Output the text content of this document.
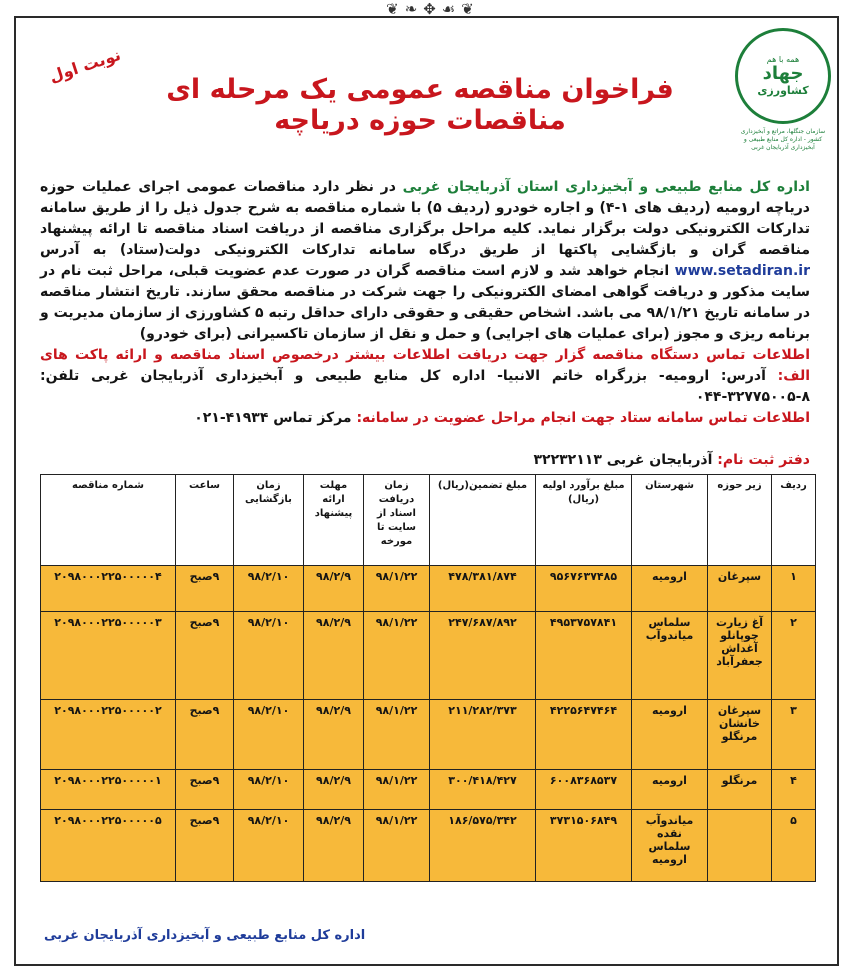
❦ ❧ ✥ ☙ ❦
همه با هم
جهاد
کشاورزی
سازمان جنگلها، مراتع و آبخیزداری کشور - اداره کل منابع طبیعی و آبخیزداری آذربایجان غربی
نوبت اول
فراخوان مناقصه عمومی یک مرحله ای مناقصات حوزه دریاچه
اداره کل منابع طبیعی و آبخیزداری استان آذربایجان غربی در نظر دارد مناقصات عمومی اجرای عملیات حوزه دریاچه ارومیه (ردیف های ۱-۴) و اجاره خودرو (ردیف ۵) با شماره مناقصه به شرح جدول ذیل را از طریق سامانه تدارکات الکترونیکی دولت برگزار نماید. کلیه مراحل برگزاری مناقصه از دریافت اسناد مناقصه تا ارائه پیشنهاد مناقصه گران و بازگشایی پاکتها از طریق درگاه سامانه تدارکات الکترونیکی دولت(ستاد) به آدرس www.setadiran.ir انجام خواهد شد و لازم است مناقصه گران در صورت عدم عضویت قبلی، مراحل ثبت نام در سایت مذکور و دریافت گواهی امضای الکترونیکی را جهت شرکت در مناقصه محقق سازند. تاریخ انتشار مناقصه در سامانه تاریخ ۹۸/۱/۲۱ می باشد. اشخاص حقیقی و حقوقی دارای حداقل رتبه ۵ کشاورزی از سازمان مدیریت و برنامه ریزی و مجوز (برای عملیات های اجرایی) و حمل و نقل از سازمان تاکسیرانی (برای خودرو)
اطلاعات تماس دستگاه مناقصه گزار جهت دریافت اطلاعات بیشتر درخصوص اسناد مناقصه و ارائه پاکت های الف: آدرس: ارومیه- بزرگراه خاتم الانبیا- اداره کل منابع طبیعی و آبخیزداری آذربایجان غربی تلفن: ۸-۳۲۷۷۵۰۰۵-۰۴۴
اطلاعات تماس سامانه ستاد جهت انجام مراحل عضویت در سامانه: مرکز تماس ۴۱۹۳۴-۰۲۱
دفتر ثبت نام: آذربایجان غربی ۳۲۲۳۲۱۱۳
ردیف	زیر حوزه	شهرستان	مبلغ برآورد اولیه (ریال)	مبلغ تضمین(ریال)	زمان دریافت اسناد از سایت تا مورخه	مهلت ارائه پیشنهاد	زمان بازگشایی	ساعت	شماره مناقصه
۱	سپرغان	ارومیه	۹۵۶۷۶۳۷۴۸۵	۴۷۸/۳۸۱/۸۷۴	۹۸/۱/۲۲	۹۸/۲/۹	۹۸/۲/۱۰	۹صبح	۲۰۹۸۰۰۰۲۲۵۰۰۰۰۰۴
۲	آغ زیارت چوپانلو آغداش جعفرآباد	سلماس میاندوآب	۴۹۵۳۷۵۷۸۴۱	۲۴۷/۶۸۷/۸۹۲	۹۸/۱/۲۲	۹۸/۲/۹	۹۸/۲/۱۰	۹صبح	۲۰۹۸۰۰۰۲۲۵۰۰۰۰۰۳
۳	سپرغان خانشان مرنگلو	ارومیه	۴۲۲۵۶۴۷۴۶۴	۲۱۱/۲۸۲/۳۷۳	۹۸/۱/۲۲	۹۸/۲/۹	۹۸/۲/۱۰	۹صبح	۲۰۹۸۰۰۰۲۲۵۰۰۰۰۰۲
۴	مرنگلو	ارومیه	۶۰۰۸۳۶۸۵۳۷	۳۰۰/۴۱۸/۴۲۷	۹۸/۱/۲۲	۹۸/۲/۹	۹۸/۲/۱۰	۹صبح	۲۰۹۸۰۰۰۲۲۵۰۰۰۰۰۱
۵		میاندوآب نقده سلماس ارومیه	۳۷۳۱۵۰۶۸۴۹	۱۸۶/۵۷۵/۳۴۲	۹۸/۱/۲۲	۹۸/۲/۹	۹۸/۲/۱۰	۹صبح	۲۰۹۸۰۰۰۲۲۵۰۰۰۰۰۵
اداره کل منابع طبیعی و آبخیزداری آذربایجان غربی
